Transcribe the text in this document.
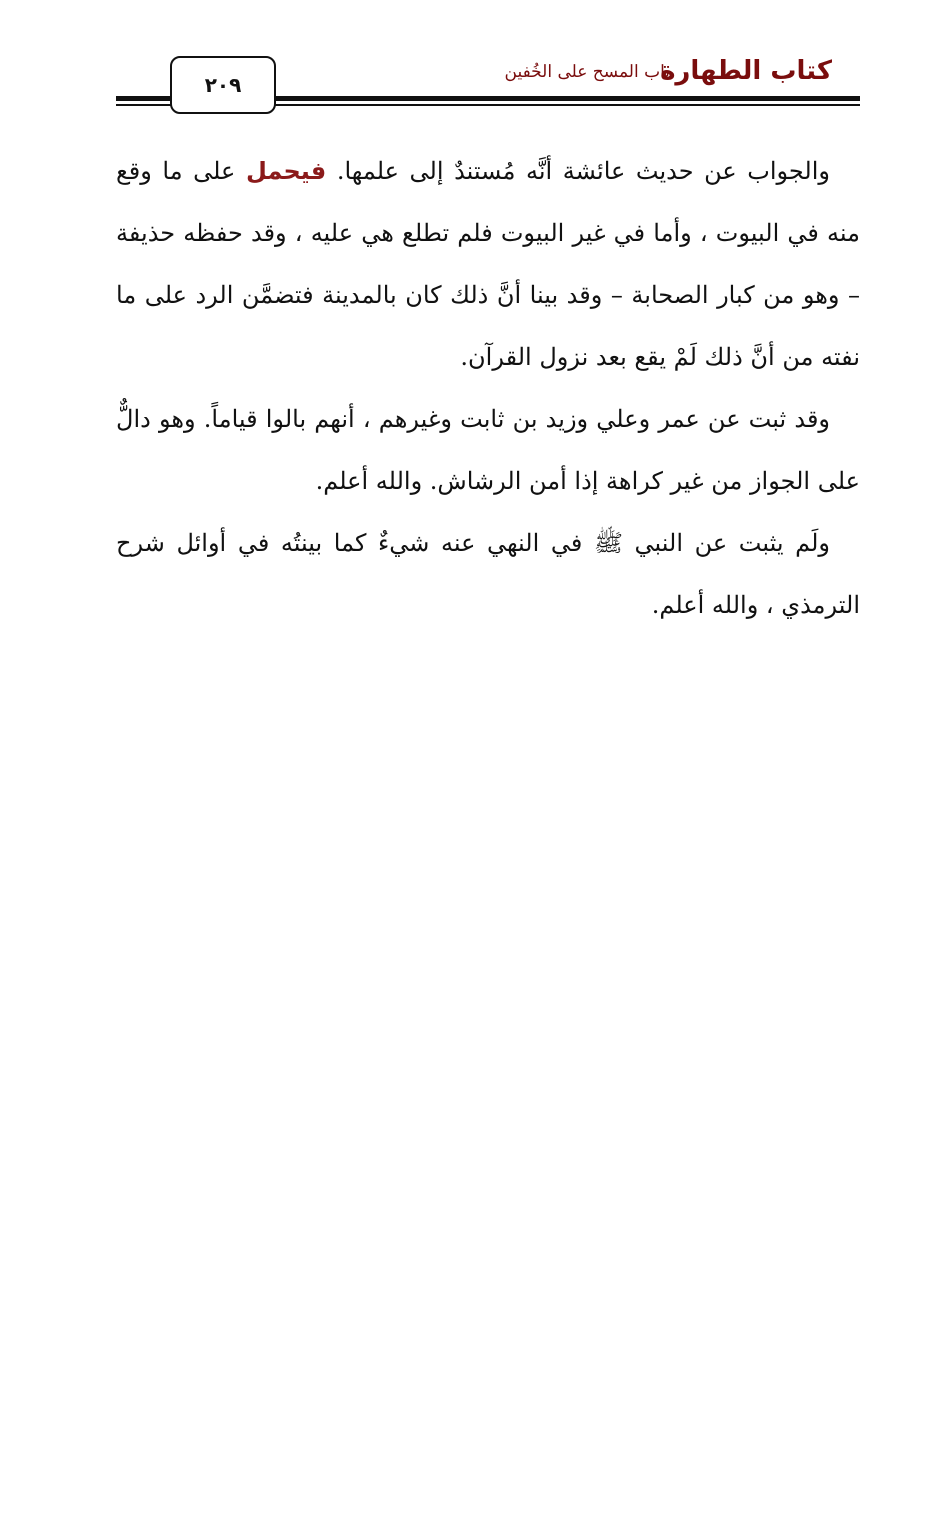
كتاب الطهارة
باب المسح على الخُفين
٢٠٩

والجواب عن حديث عائشة أنَّه مُستندٌ إلى علمها. فيحمل على ما وقع منه في البيوت ، وأما في غير البيوت فلم تطلع هي عليه ، وقد حفظه حذيفة – وهو من كبار الصحابة – وقد بينا أنَّ ذلك كان بالمدينة فتضمَّن الرد على ما نفته من أنَّ ذلك لَمْ يقع بعد نزول القرآن.

وقد ثبت عن عمر وعلي وزيد بن ثابت وغيرهم ، أنهم بالوا قياماً. وهو دالٌّ على الجواز من غير كراهة إذا أمن الرشاش. والله أعلم.

ولَم يثبت عن النبي ﷺ في النهي عنه شيءٌ كما بينتُه في أوائل شرح الترمذي ، والله أعلم.
